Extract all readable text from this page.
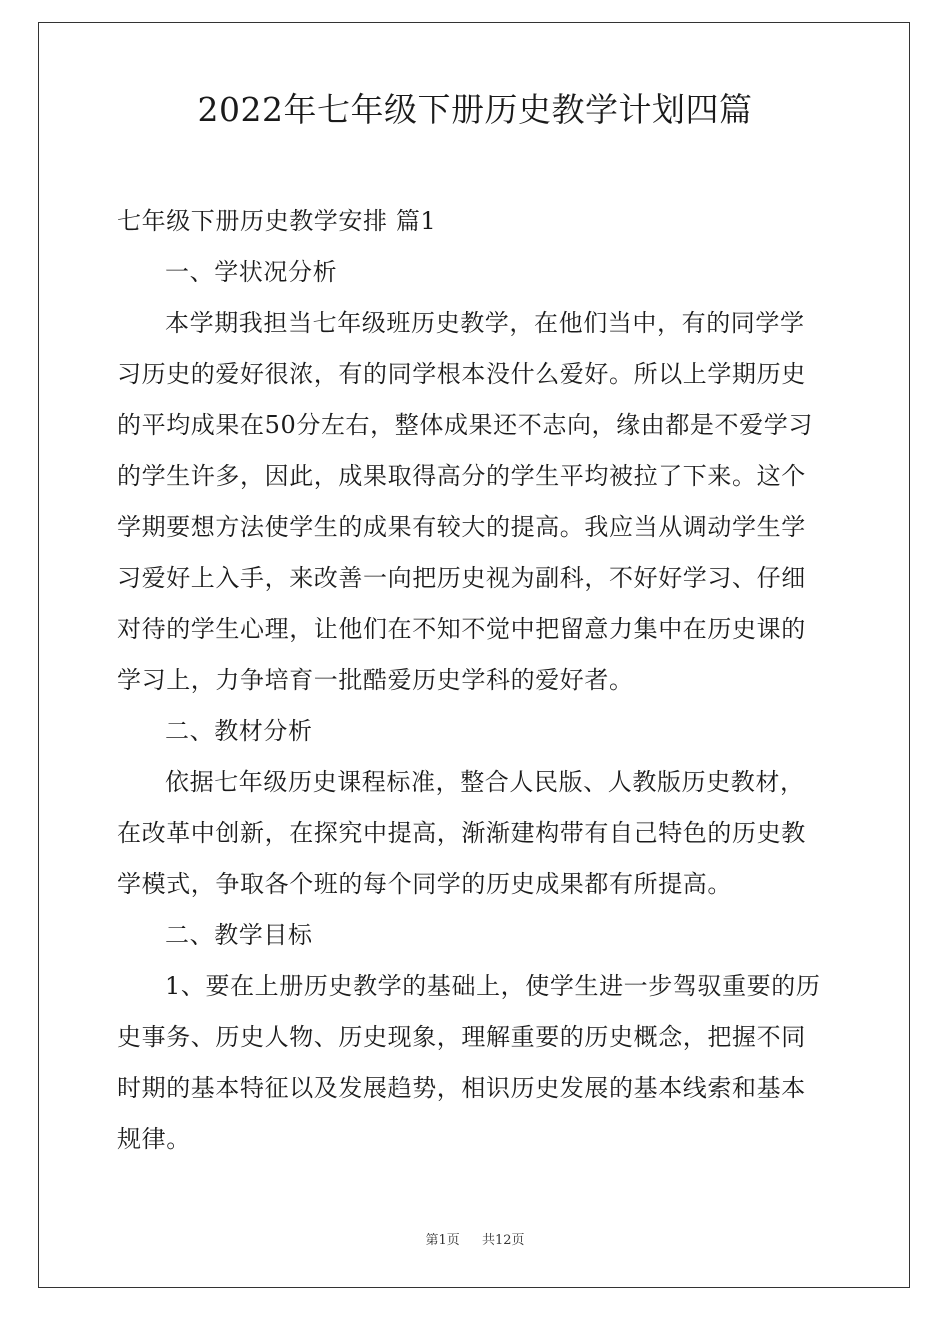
2022年七年级下册历史教学计划四篇

七年级下册历史教学安排 篇1

一、学状况分析

本学期我担当七年级班历史教学，在他们当中，有的同学学

习历史的爱好很浓，有的同学根本没什么爱好。所以上学期历史

的平均成果在50分左右，整体成果还不志向，缘由都是不爱学习

的学生许多，因此，成果取得高分的学生平均被拉了下来。这个

学期要想方法使学生的成果有较大的提高。我应当从调动学生学

习爱好上入手，来改善一向把历史视为副科，不好好学习、仔细

对待的学生心理，让他们在不知不觉中把留意力集中在历史课的

学习上，力争培育一批酷爱历史学科的爱好者。

二、教材分析

依据七年级历史课程标准，整合人民版、人教版历史教材，

在改革中创新，在探究中提高，渐渐建构带有自己特色的历史教

学模式，争取各个班的每个同学的历史成果都有所提高。

二、教学目标

1、要在上册历史教学的基础上，使学生进一步驾驭重要的历

史事务、历史人物、历史现象，理解重要的历史概念，把握不同

时期的基本特征以及发展趋势，相识历史发展的基本线索和基本

规律。

第1页 共12页
